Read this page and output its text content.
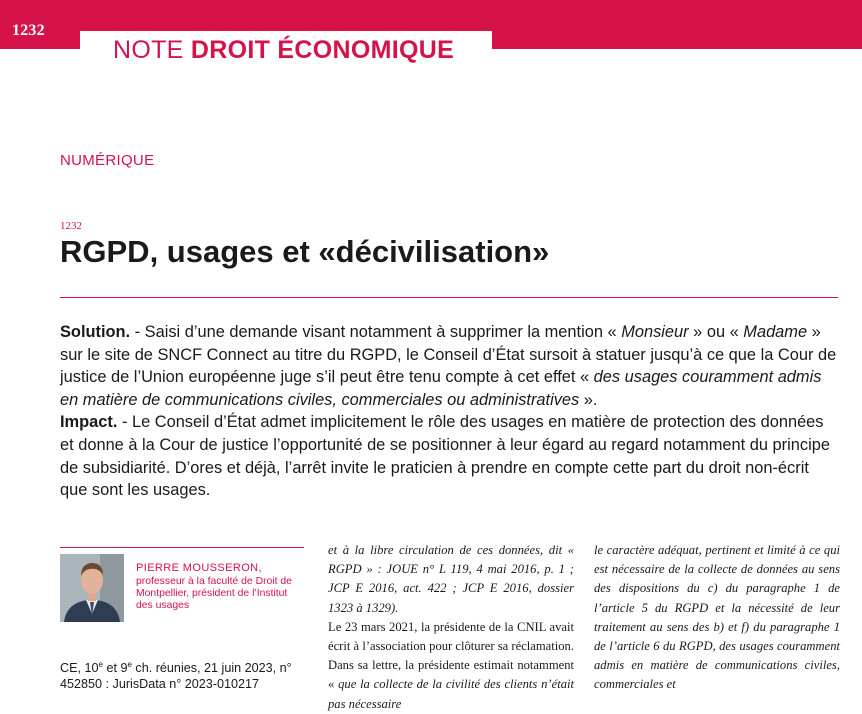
1232
NOTE DROIT ÉCONOMIQUE
NUMÉRIQUE
1232
RGPD, usages et «décivilisation»

Solution. - Saisi d’une demande visant notamment à supprimer la mention « Monsieur » ou « Madame » sur le site de SNCF Connect au titre du RGPD, le Conseil d’État sursoit à statuer jusqu’à ce que la Cour de justice de l’Union européenne juge s’il peut être tenu compte à cet effet « des usages couramment admis en matière de communications civiles, commerciales ou administratives ».

Impact. - Le Conseil d’État admet implicitement le rôle des usages en matière de protection des données et donne à la Cour de justice l’opportunité de se positionner à leur égard au regard notamment du principe de subsidiarité. D’ores et déjà, l’arrêt invite le praticien à prendre en compte cette part du droit non-écrit que sont les usages.

PIERRE MOUSSERON,
professeur à la faculté de Droit de Montpellier, président de l’Institut des usages
CE, 10e et 9e ch. réunies, 21 juin 2023, n° 452850 : JurisData n° 2023-010217

et à la libre circulation de ces données, dit « RGPD » : JOUE n° L 119, 4 mai 2016, p. 1 ; JCP E 2016, act. 422 ; JCP E 2016, dossier 1323 à 1329).

Le 23 mars 2021, la présidente de la CNIL avait écrit à l’association pour clôturer sa réclamation. Dans sa lettre, la présidente estimait notamment « que la collecte de la civilité des clients n’était pas nécessaire

le caractère adéquat, pertinent et limité à ce qui est nécessaire de la collecte de données au sens des dispositions du c) du paragraphe 1 de l’article 5 du RGPD et la nécessité de leur traitement au sens des b) et f) du paragraphe 1 de l’article 6 du RGPD, des usages couramment admis en matière de communications civiles, commerciales et
